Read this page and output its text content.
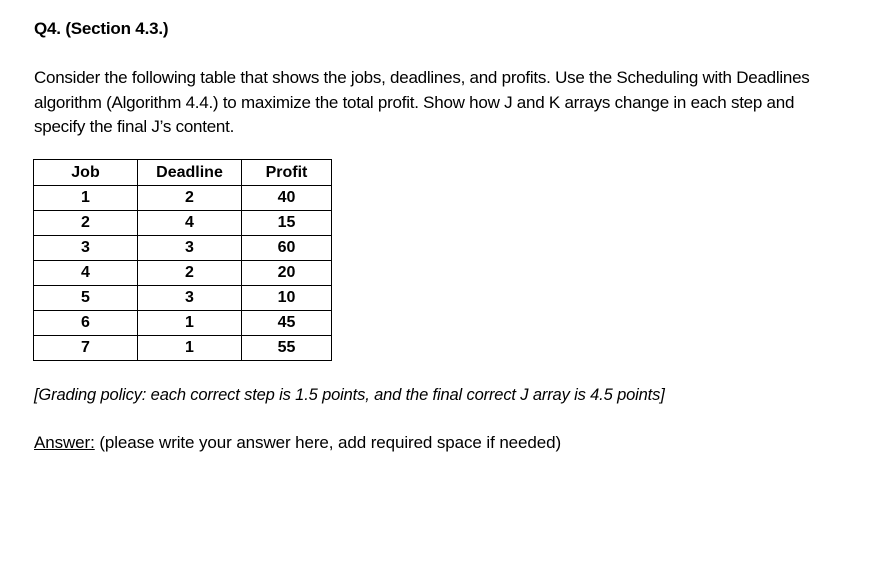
Q4. (Section 4.3.)
Consider the following table that shows the jobs, deadlines, and profits. Use the Scheduling with Deadlines algorithm (Algorithm 4.4.) to maximize the total profit. Show how J and K arrays change in each step and specify the final J’s content.
Job	Deadline	Profit
1	2	40
2	4	15
3	3	60
4	2	20
5	3	10
6	1	45
7	1	55
[Grading policy: each correct step is 1.5 points, and the final correct J array is 4.5 points]
Answer: (please write your answer here, add required space if needed)
